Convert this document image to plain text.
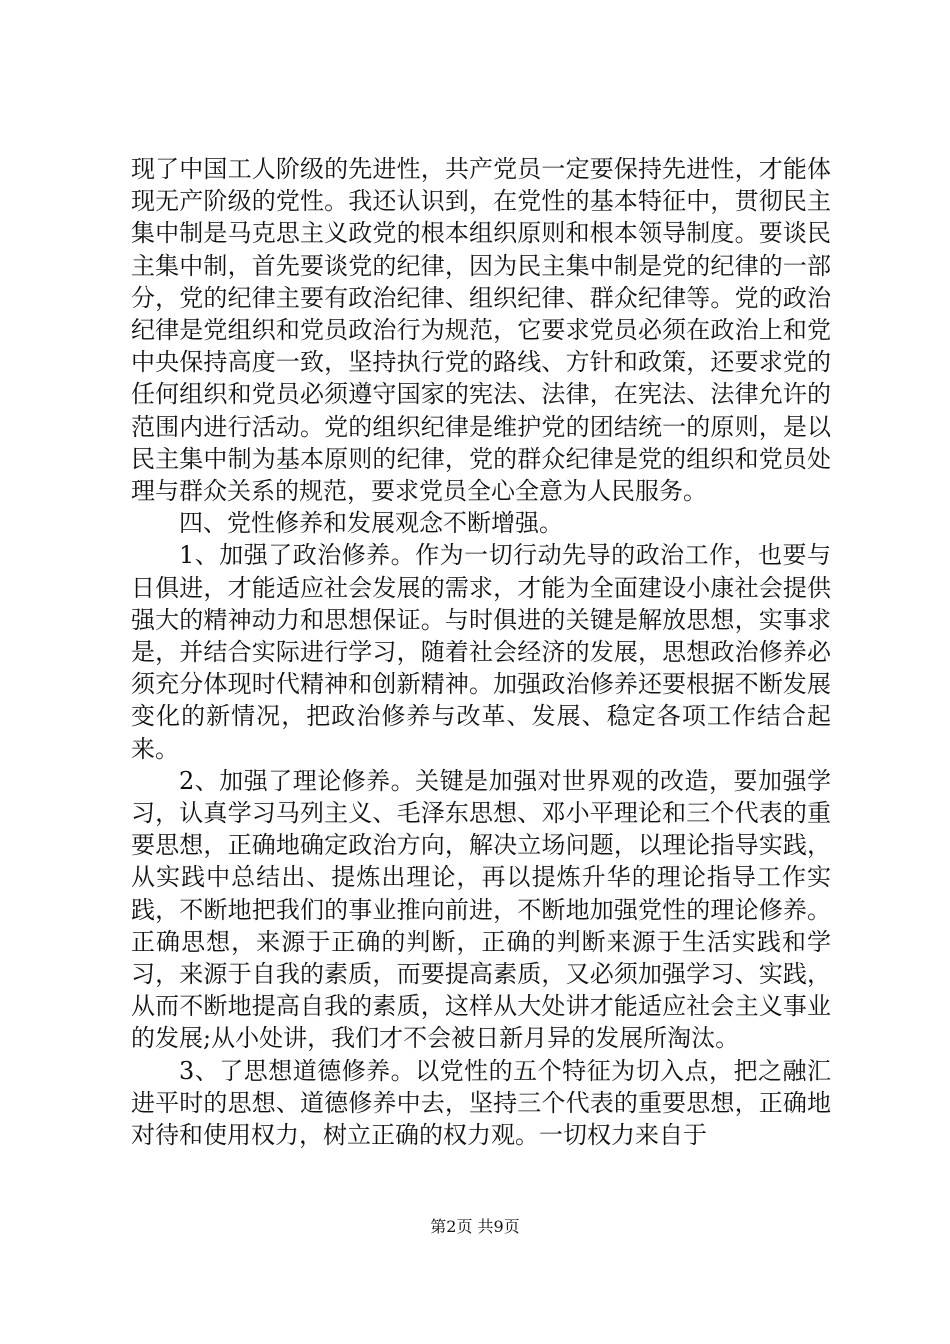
现了中国工人阶级的先进性，共产党员一定要保持先进性，才能体现无产阶级的党性。我还认识到，在党性的基本特征中，贯彻民主集中制是马克思主义政党的根本组织原则和根本领导制度。要谈民主集中制，首先要谈党的纪律，因为民主集中制是党的纪律的一部分，党的纪律主要有政治纪律、组织纪律、群众纪律等。党的政治纪律是党组织和党员政治行为规范，它要求党员必须在政治上和党中央保持高度一致，坚持执行党的路线、方针和政策，还要求党的任何组织和党员必须遵守国家的宪法、法律，在宪法、法律允许的范围内进行活动。党的组织纪律是维护党的团结统一的原则，是以民主集中制为基本原则的纪律，党的群众纪律是党的组织和党员处理与群众关系的规范，要求党员全心全意为人民服务。

四、党性修养和发展观念不断增强。

1、加强了政治修养。作为一切行动先导的政治工作，也要与日俱进，才能适应社会发展的需求，才能为全面建设小康社会提供强大的精神动力和思想保证。与时俱进的关键是解放思想，实事求是，并结合实际进行学习，随着社会经济的发展，思想政治修养必须充分体现时代精神和创新精神。加强政治修养还要根据不断发展变化的新情况，把政治修养与改革、发展、稳定各项工作结合起来。

2、加强了理论修养。关键是加强对世界观的改造，要加强学习，认真学习马列主义、毛泽东思想、邓小平理论和三个代表的重要思想，正确地确定政治方向，解决立场问题，以理论指导实践，从实践中总结出、提炼出理论，再以提炼升华的理论指导工作实践，不断地把我们的事业推向前进，不断地加强党性的理论修养。正确思想，来源于正确的判断，正确的判断来源于生活实践和学习，来源于自我的素质，而要提高素质，又必须加强学习、实践，从而不断地提高自我的素质，这样从大处讲才能适应社会主义事业的发展;从小处讲，我们才不会被日新月异的发展所淘汰。

3、了思想道德修养。以党性的五个特征为切入点，把之融汇进平时的思想、道德修养中去，坚持三个代表的重要思想，正确地对待和使用权力，树立正确的权力观。一切权力来自于

第2页 共9页
